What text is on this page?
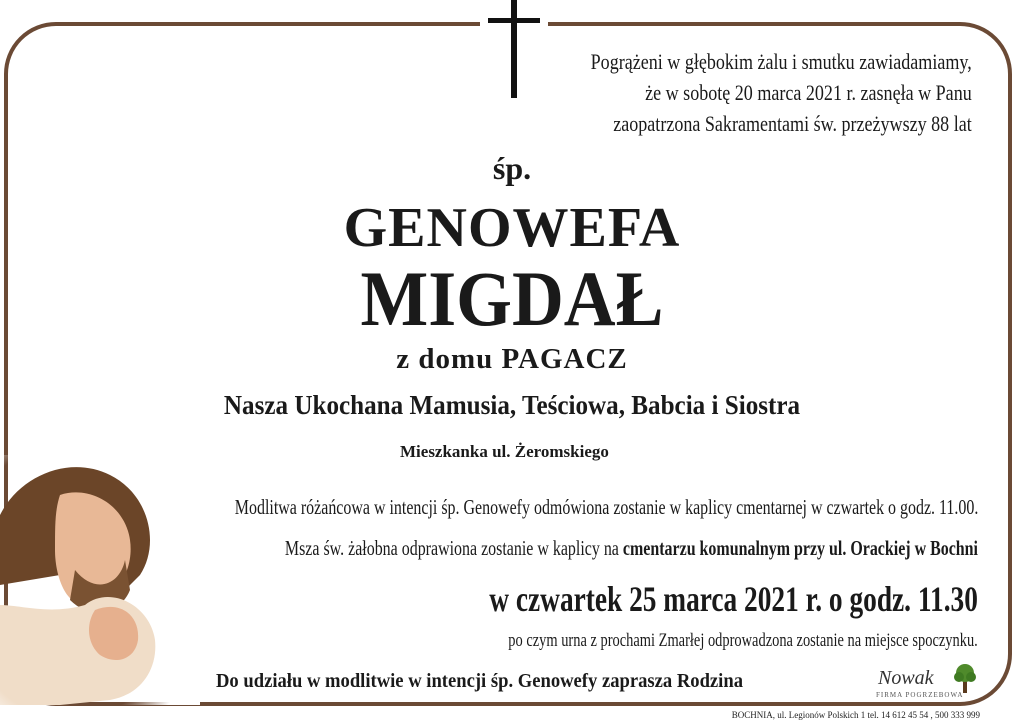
Pogrążeni w głębokim żalu i smutku zawiadamiamy,
że w sobotę 20 marca 2021 r. zasnęła w Panu
zaopatrzona Sakramentami św. przeżywszy 88 lat
śp.
GENOWEFA
MIGDAŁ
z domu PAGACZ
Nasza Ukochana Mamusia, Teściowa, Babcia i Siostra
Mieszkanka ul. Żeromskiego
Modlitwa różańcowa w intencji śp. Genowefy odmówiona zostanie w kaplicy cmentarnej w czwartek o godz. 11.00.
Msza św. żałobna odprawiona zostanie w kaplicy na cmentarzu komunalnym przy ul. Orackiej w Bochni
w czwartek 25 marca 2021 r. o godz. 11.30
po czym urna z prochami Zmarłej odprowadzona zostanie na miejsce spoczynku.
Do udziału w modlitwie w intencji śp. Genowefy zaprasza Rodzina	Nowak
FIRMA POGRZEBOWA
BOCHNIA, ul. Legionów Polskich 1 tel. 14 612 45 54 , 500 333 999
